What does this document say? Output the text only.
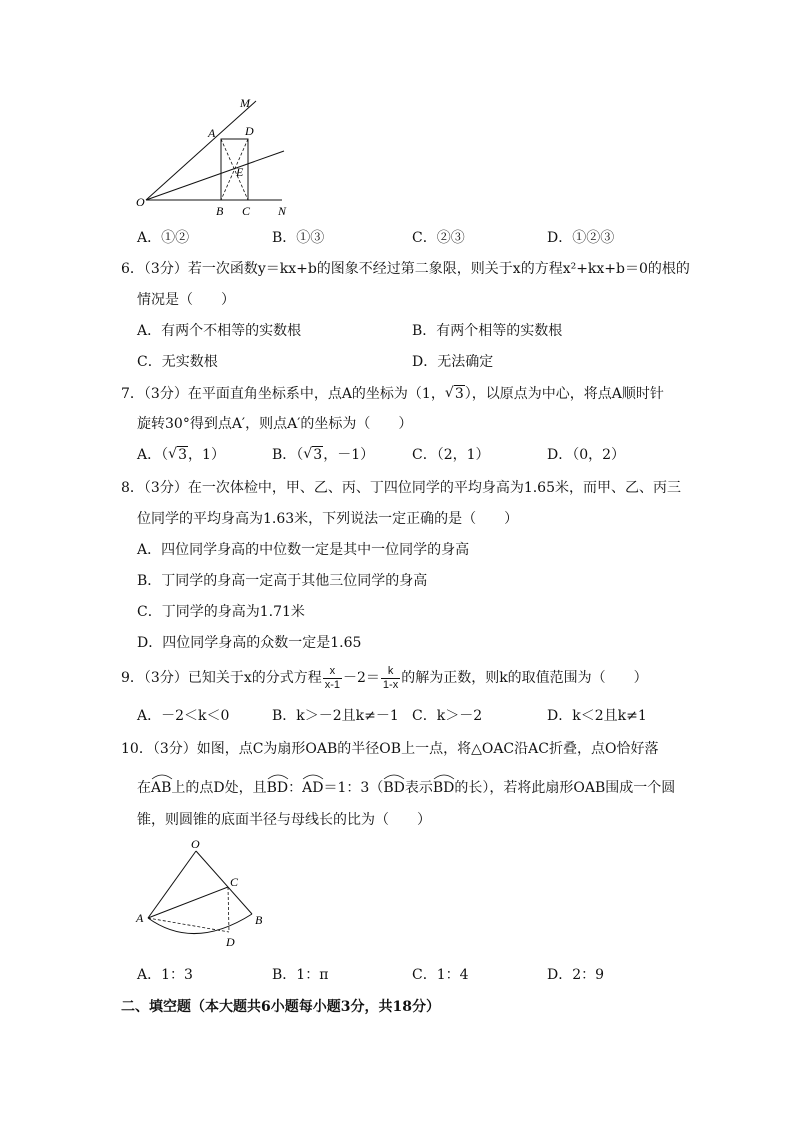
M
A D
E
O
B C N
A．①②	B．①③	C．②③	D．①②③
6．（3分）若一次函数y＝kx+b的图象不经过第二象限，则关于x的方程x²+kx+b＝0的根的
情况是（　　）
A．有两个不相等的实数根	B．有两个相等的实数根
C．无实数根	D．无法确定
7．（3分）在平面直角坐标系中，点A的坐标为（1， √ 3），以原点为中心，将点A顺时针
旋转30°得到点A′，则点A′的坐标为（　　）
A．（ √ 3，1）	B．（ √ 3，－1）	C．（2，1）	D．（0，2）
8．（3分）在一次体检中，甲、乙、丙、丁四位同学的平均身高为1.65米，而甲、乙、丙三
位同学的平均身高为1.63米，下列说法一定正确的是（　　）
A．四位同学身高的中位数一定是其中一位同学的身高
B．丁同学的身高一定高于其他三位同学的身高
C．丁同学的身高为1.71米
D．四位同学身高的众数一定是1.65
9．（3分）已知关于x的分式方程 $\frac{x}{x-1} -2= \frac{k}{1-x}$ 的解为正数，则k的取值范围为（　　）
A．－2＜k＜0	B．k＞－2且k≠－1 C．k＞－2	D．k＜2且k≠1
10．（3分）如图，点C为扇形OAB的半径OB上一点，将△OAC沿AC折叠，点O恰好落
在
AB上的点D处，且
BD：
AD＝1：3（
BD表示
BD的长），若将此扇形OAB围成一个圆
锥，则圆锥的底面半径与母线长的比为（　　）
O
C
A	B
D
A．1：3	B．1：π	C．1：4	D．2：9
二、填空题（本大题共6小题每小题3分，共18分）
